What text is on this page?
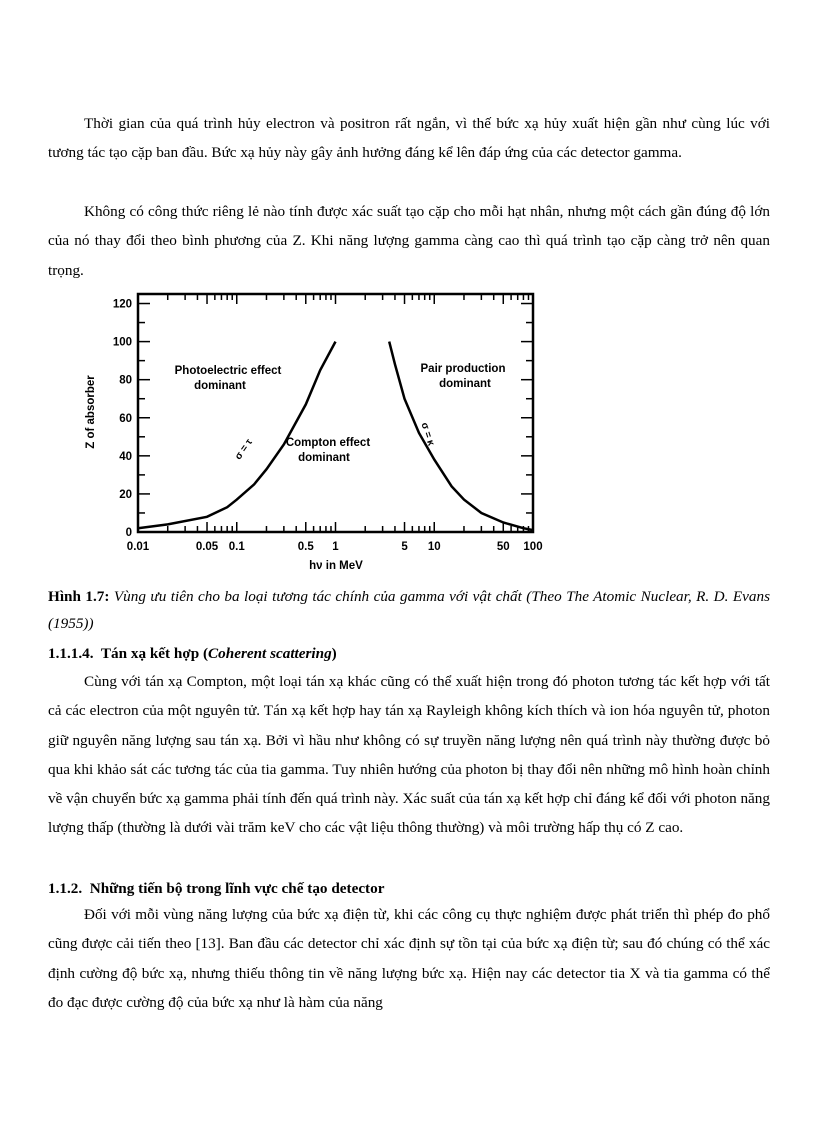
Thời gian của quá trình hủy electron và positron rất ngắn, vì thế bức xạ hủy xuất hiện gần như cùng lúc với tương tác tạo cặp ban đầu. Bức xạ hủy này gây ảnh hưởng đáng kể lên đáp ứng của các detector gamma.

Không có công thức riêng lẻ nào tính được xác suất tạo cặp cho mỗi hạt nhân, nhưng một cách gần đúng độ lớn của nó thay đổi theo bình phương của Z. Khi năng lượng gamma càng cao thì quá trình tạo cặp càng trở nên quan trọng.

0.01	0.05 0.1	0.5 1	5 10	50 100
0
20
40
60
80
100
120
Photoelectric effect
dominant
Pair production
dominant
Compton effect
dominant
σ = τ
σ = κ
Z of absorber
hν in MeV

Hình 1.7: Vùng ưu tiên cho ba loại tương tác chính của gamma với vật chất (Theo The Atomic Nuclear, R. D. Evans (1955))

1.1.1.4. Tán xạ kết hợp (Coherent scattering)

Cùng với tán xạ Compton, một loại tán xạ khác cũng có thể xuất hiện trong đó photon tương tác kết hợp với tất cả các electron của một nguyên tử. Tán xạ kết hợp hay tán xạ Rayleigh không kích thích và ion hóa nguyên tử, photon giữ nguyên năng lượng sau tán xạ. Bởi vì hầu như không có sự truyền năng lượng nên quá trình này thường được bỏ qua khi khảo sát các tương tác của tia gamma. Tuy nhiên hướng của photon bị thay đổi nên những mô hình hoàn chỉnh về vận chuyển bức xạ gamma phải tính đến quá trình này. Xác suất của tán xạ kết hợp chỉ đáng kể đối với photon năng lượng thấp (thường là dưới vài trăm keV cho các vật liệu thông thường) và môi trường hấp thụ có Z cao.

1.1.2. Những tiến bộ trong lĩnh vực chế tạo detector

Đối với mỗi vùng năng lượng của bức xạ điện từ, khi các công cụ thực nghiệm được phát triển thì phép đo phổ cũng được cải tiến theo [13]. Ban đầu các detector chỉ xác định sự tồn tại của bức xạ điện từ; sau đó chúng có thể xác định cường độ bức xạ, nhưng thiếu thông tin về năng lượng bức xạ. Hiện nay các detector tia X và tia gamma có thể đo đạc được cường độ của bức xạ như là hàm của năng
